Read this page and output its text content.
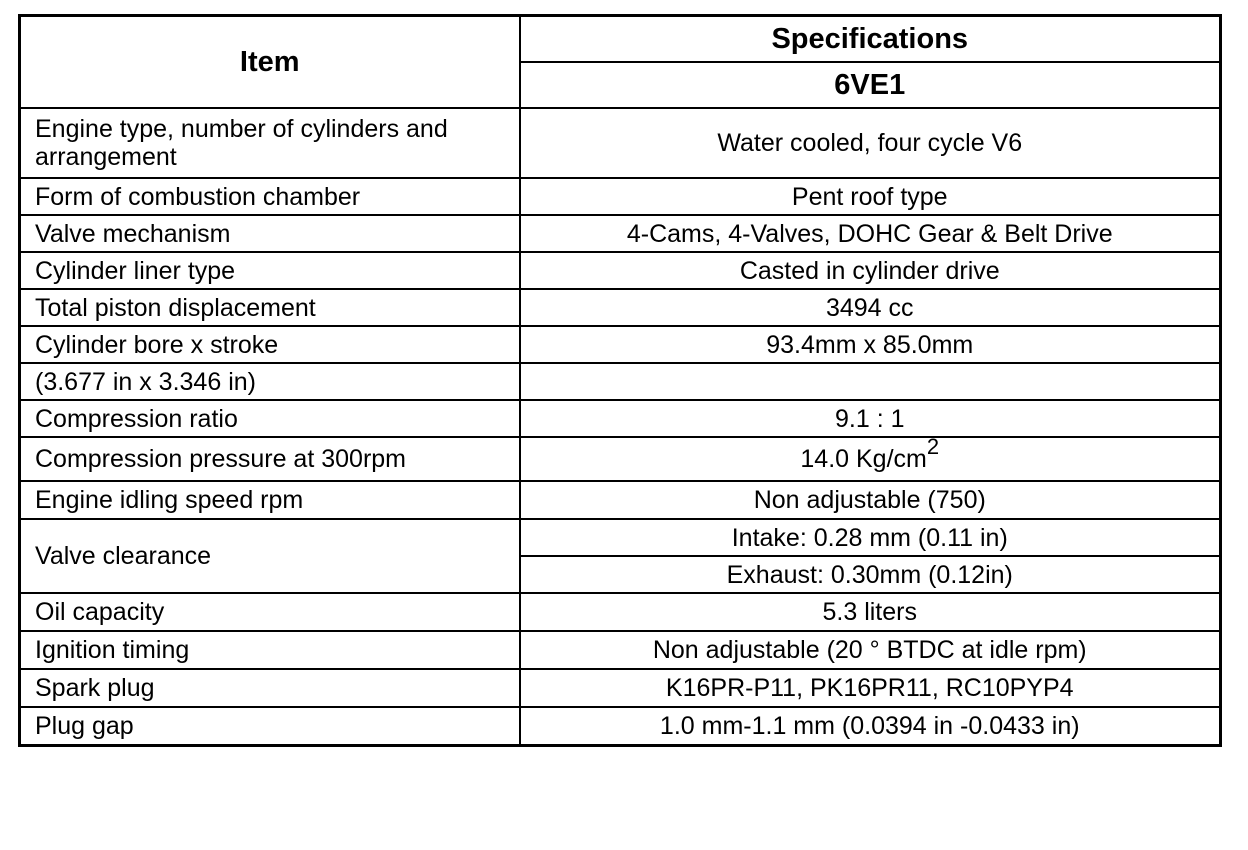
Item	Specifications
	6VE1
Engine type, number of cylinders and arrangement	Water cooled, four cycle V6
Form of combustion chamber	Pent roof type
Valve mechanism	4-Cams, 4-Valves, DOHC Gear & Belt Drive
Cylinder liner type	Casted in cylinder drive
Total piston displacement	3494 cc
Cylinder bore x stroke	93.4mm x 85.0mm
(3.677 in x 3.346 in)	
Compression ratio	9.1 : 1
Compression pressure at 300rpm	14.0 $Kg/cm^2$
Engine idling speed rpm	Non adjustable (750)
Valve clearance	Intake: 0.28 mm (0.11 in)
	Exhaust: 0.30mm (0.12in)
Oil capacity	5.3 liters
Ignition timing	Non adjustable (20 ° BTDC at idle rpm)
Spark plug	K16PR-P11, PK16PR11, RC10PYP4
Plug gap	1.0 mm-1.1 mm (0.0394 in -0.0433 in)
